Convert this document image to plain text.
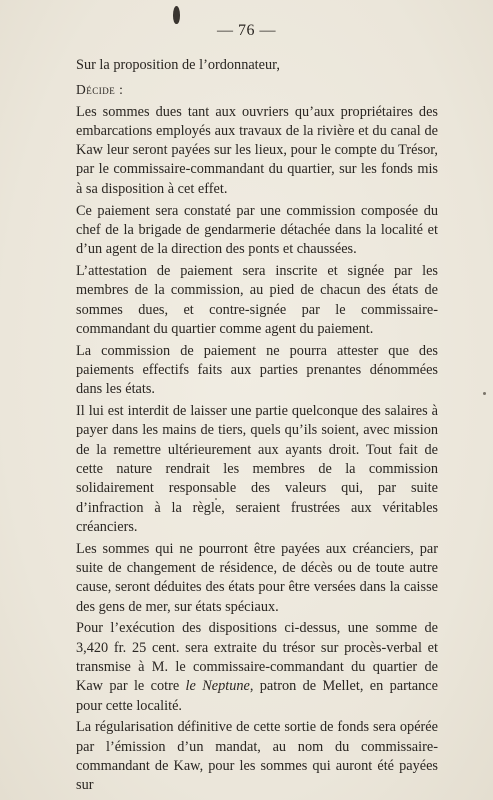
— 76 —

Sur la proposition de l’ordonnateur,

Décide :

Les sommes dues tant aux ouvriers qu’aux propriétaires des embarcations employés aux travaux de la rivière et du canal de Kaw leur seront payées sur les lieux, pour le compte du Trésor, par le commissaire-commandant du quartier, sur les fonds mis à sa disposition à cet effet.

Ce paiement sera constaté par une commission composée du chef de la brigade de gendarmerie détachée dans la localité et d’un agent de la direction des ponts et chaussées.

L’attestation de paiement sera inscrite et signée par les membres de la commission, au pied de chacun des états de sommes dues, et contre-signée par le commissaire-commandant du quartier comme agent du paiement.

La commission de paiement ne pourra attester que des paiements effectifs faits aux parties prenantes dénommées dans les états.

Il lui est interdit de laisser une partie quelconque des salaires à payer dans les mains de tiers, quels qu’ils soient, avec mission de la remettre ultérieurement aux ayants droit. Tout fait de cette nature rendrait les membres de la commission solidairement responsable des valeurs qui, par suite d’infraction à la règle, seraient frustrées aux véritables créanciers.

Les sommes qui ne pourront être payées aux créanciers, par suite de changement de résidence, de décès ou de toute autre cause, seront déduites des états pour être versées dans la caisse des gens de mer, sur états spéciaux.

Pour l’exécution des dispositions ci-dessus, une somme de 3,420 fr. 25 cent. sera extraite du trésor sur procès-verbal et transmise à M. le commissaire-commandant du quartier de Kaw par le cotre le Neptune, patron de Mellet, en partance pour cette localité.

La régularisation définitive de cette sortie de fonds sera opérée par l’émission d’un mandat, au nom du commissaire-commandant de Kaw, pour les sommes qui auront été payées sur
